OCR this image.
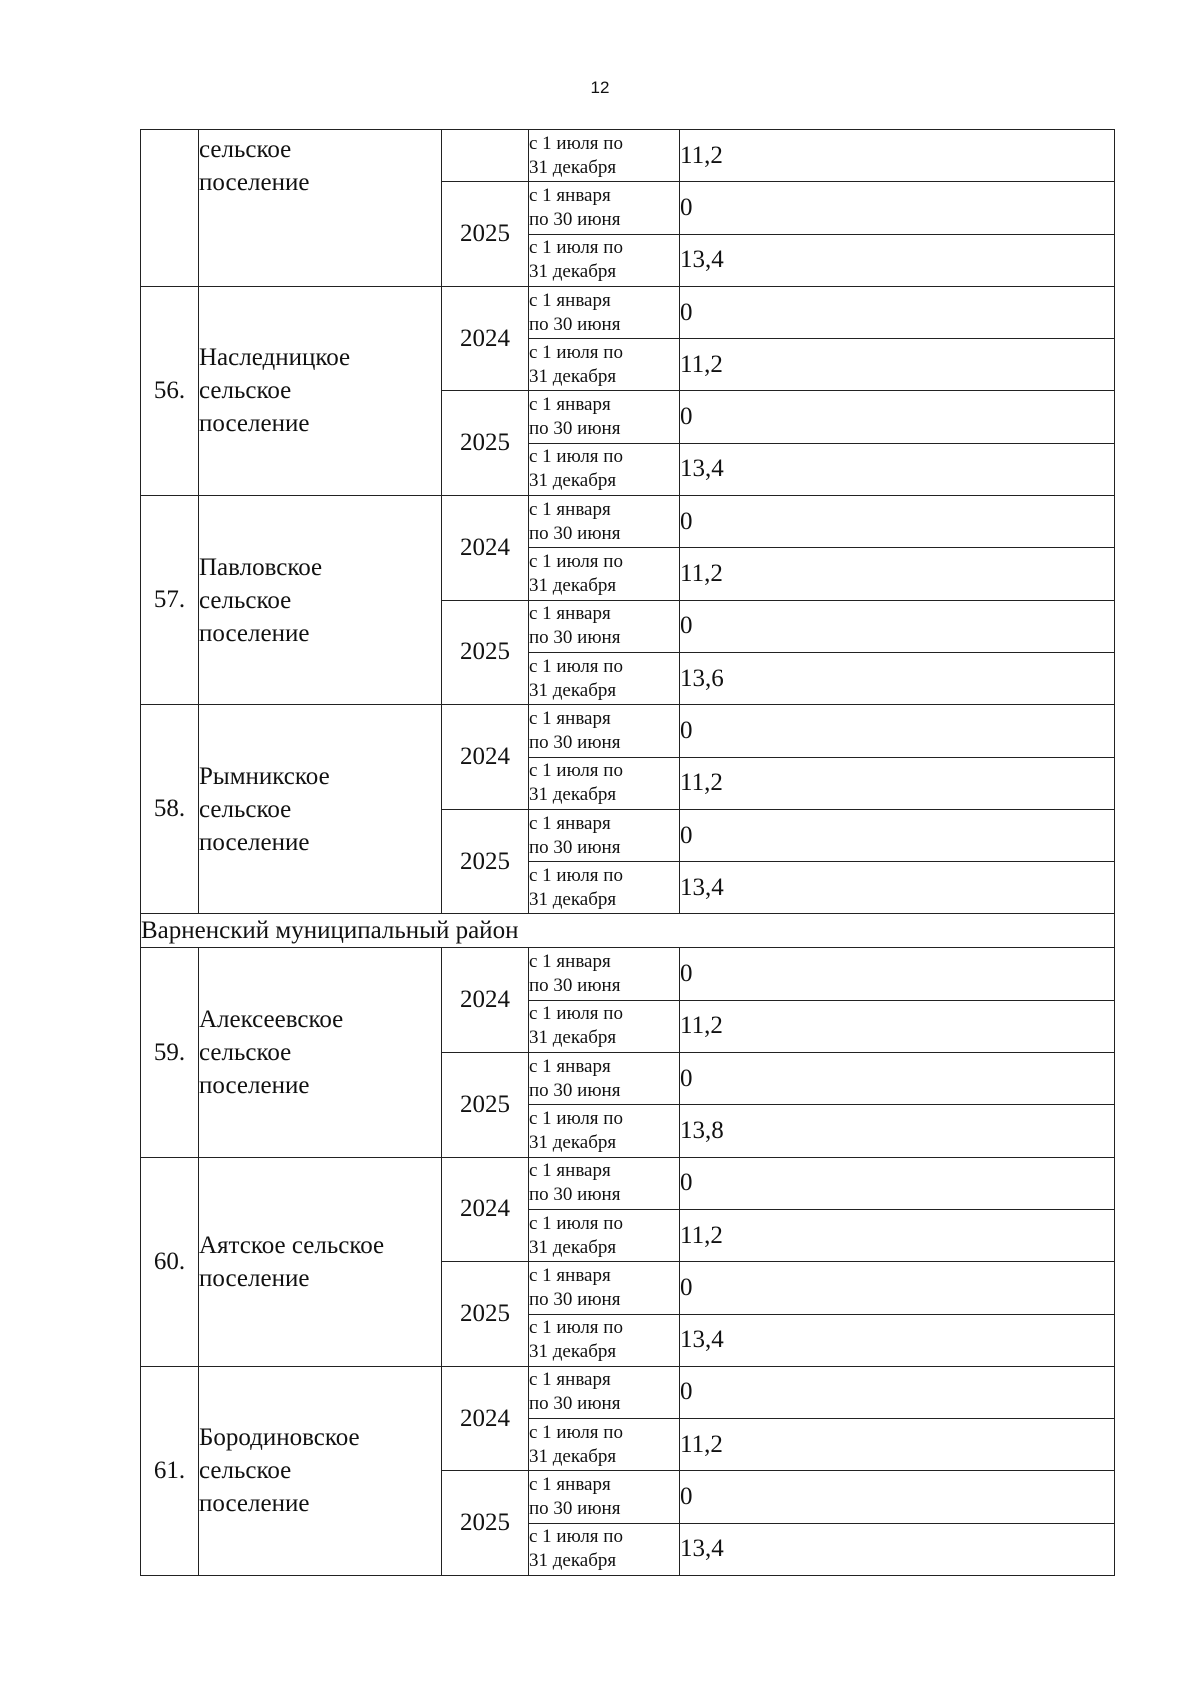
12

	сельское
поселение		с 1 июля по
31 декабря	11,2
		2025	с 1 января
по 30 июня	0

			с 1 июля по
31 декабря	13,4
56.	Наследницкое
сельское
поселение	2024	с 1 января
по 30 июня	0

			с 1 июля по
31 декабря	11,2
		2025	с 1 января
по 30 июня	0

			с 1 июля по
31 декабря	13,4
57.	Павловское
сельское
поселение	2024	с 1 января
по 30 июня	0

			с 1 июля по
31 декабря	11,2
		2025	с 1 января
по 30 июня	0

			с 1 июля по
31 декабря	13,6
58.	Рымникское
сельское
поселение	2024	с 1 января
по 30 июня	0

			с 1 июля по
31 декабря	11,2
		2025	с 1 января
по 30 июня	0

			с 1 июля по
31 декабря	13,4
Варненский муниципальный район				
59.	Алексеевское
сельское
поселение	2024	с 1 января
по 30 июня	0

			с 1 июля по
31 декабря	11,2
		2025	с 1 января
по 30 июня	0

			с 1 июля по
31 декабря	13,8
60.	Аятское сельское
поселение	2024	с 1 января
по 30 июня	0

			с 1 июля по
31 декабря	11,2
		2025	с 1 января
по 30 июня	0

			с 1 июля по
31 декабря	13,4
61.	Бородиновское
сельское
поселение	2024	с 1 января
по 30 июня	0

			с 1 июля по
31 декабря	11,2
		2025	с 1 января
по 30 июня	0

			с 1 июля по
31 декабря	13,4
